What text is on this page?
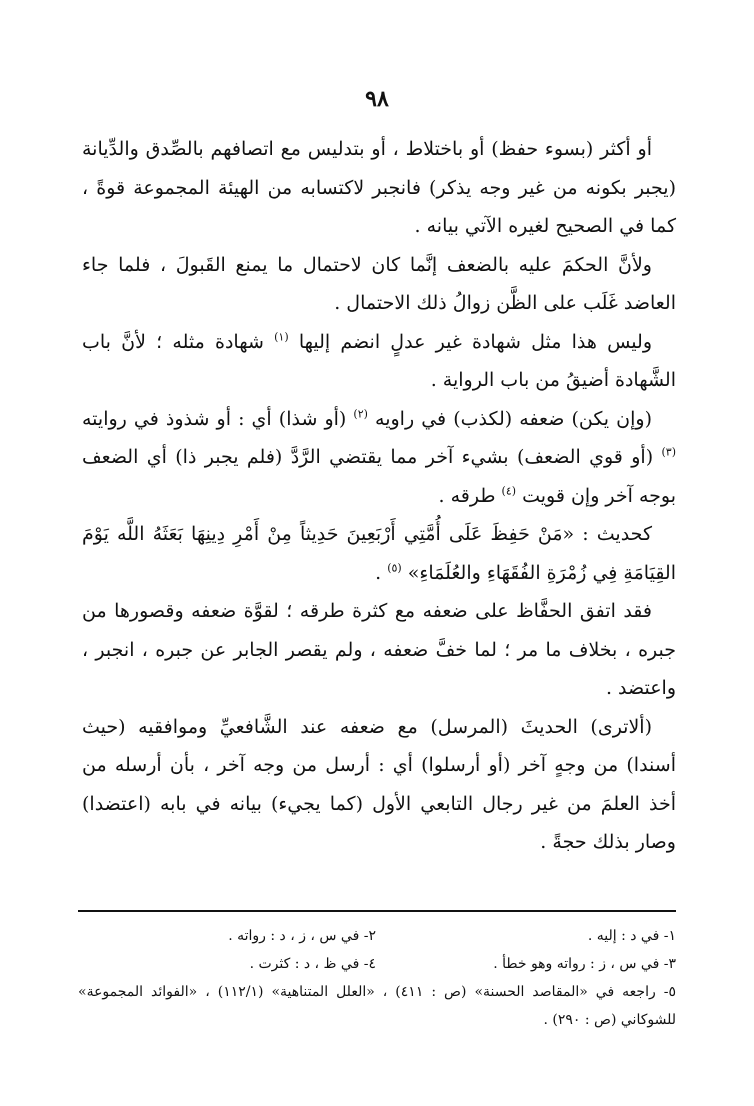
٩٨

أو أكثر (بسوء حفظ) أو باختلاط ، أو بتدليس مع اتصافهم بالصِّدق والدِّيانة (يجبر بكونه من غير وجه يذكر) فانجبر لاكتسابه من الهيئة المجموعة قوةً ، كما في الصحيح لغيره الآتي بيانه .

ولأنَّ الحكمَ عليه بالضعف إنَّما كان لاحتمال ما يمنع القَبولَ ، فلما جاء العاضد غَلَب على الظَّن زوالُ ذلك الاحتمال .

وليس هذا مثل شهادة غير عدلٍ انضم إليها $^{(١)}$ شهادة مثله ؛ لأنَّ باب الشَّهادة أضيقُ من باب الرواية .

(وإن يكن) ضعفه (لكذب) في راويه $^{(٢)}$ (أو شذا) أي : أو شذوذ في روايته $^{(٣)}$ (أو قوي الضعف) بشيء آخر مما يقتضي الرَّدَّ (فلم يجبر ذا) أي الضعف بوجه آخر وإن قويت $^{(٤)}$ طرقه .

كحديث : «مَنْ حَفِظَ عَلَى أُمَّتِي أَرْبَعِينَ حَدِيثاً مِنْ أَمْرِ دِينِهَا بَعَثَهُ اللَّه يَوْمَ القِيَامَةِ فِي زُمْرَةِ الفُقَهَاءِ والعُلَمَاءِ» $^{(٥)}$ .

فقد اتفق الحفَّاظ على ضعفه مع كثرة طرقه ؛ لقوَّة ضعفه وقصورها من جبره ، بخلاف ما مر ؛ لما خفَّ ضعفه ، ولم يقصر الجابر عن جبره ، انجبر ، واعتضد .

(ألاترى) الحديثَ (المرسل) مع ضعفه عند الشَّافعيِّ وموافقيه (حيث أسندا) من وجهٍ آخر (أو أرسلوا) أي : أرسل من وجه آخر ، بأن أرسله من أخذ العلمَ من غير رجال التابعي الأول (كما يجيء) بيانه في بابه (اعتضدا) وصار بذلك حجةً .

١- في د : إليه .
٢- في س ، ز ، د : رواته .
٣- في س ، ز : رواته وهو خطأ .
٤- في ظ ، د : كثرت .
٥- راجعه في «المقاصد الحسنة» (ص : ٤١١) ، «العلل المتناهية» (١١٢/١) ، «الفوائد المجموعة» للشوكاني (ص : ٢٩٠) .
